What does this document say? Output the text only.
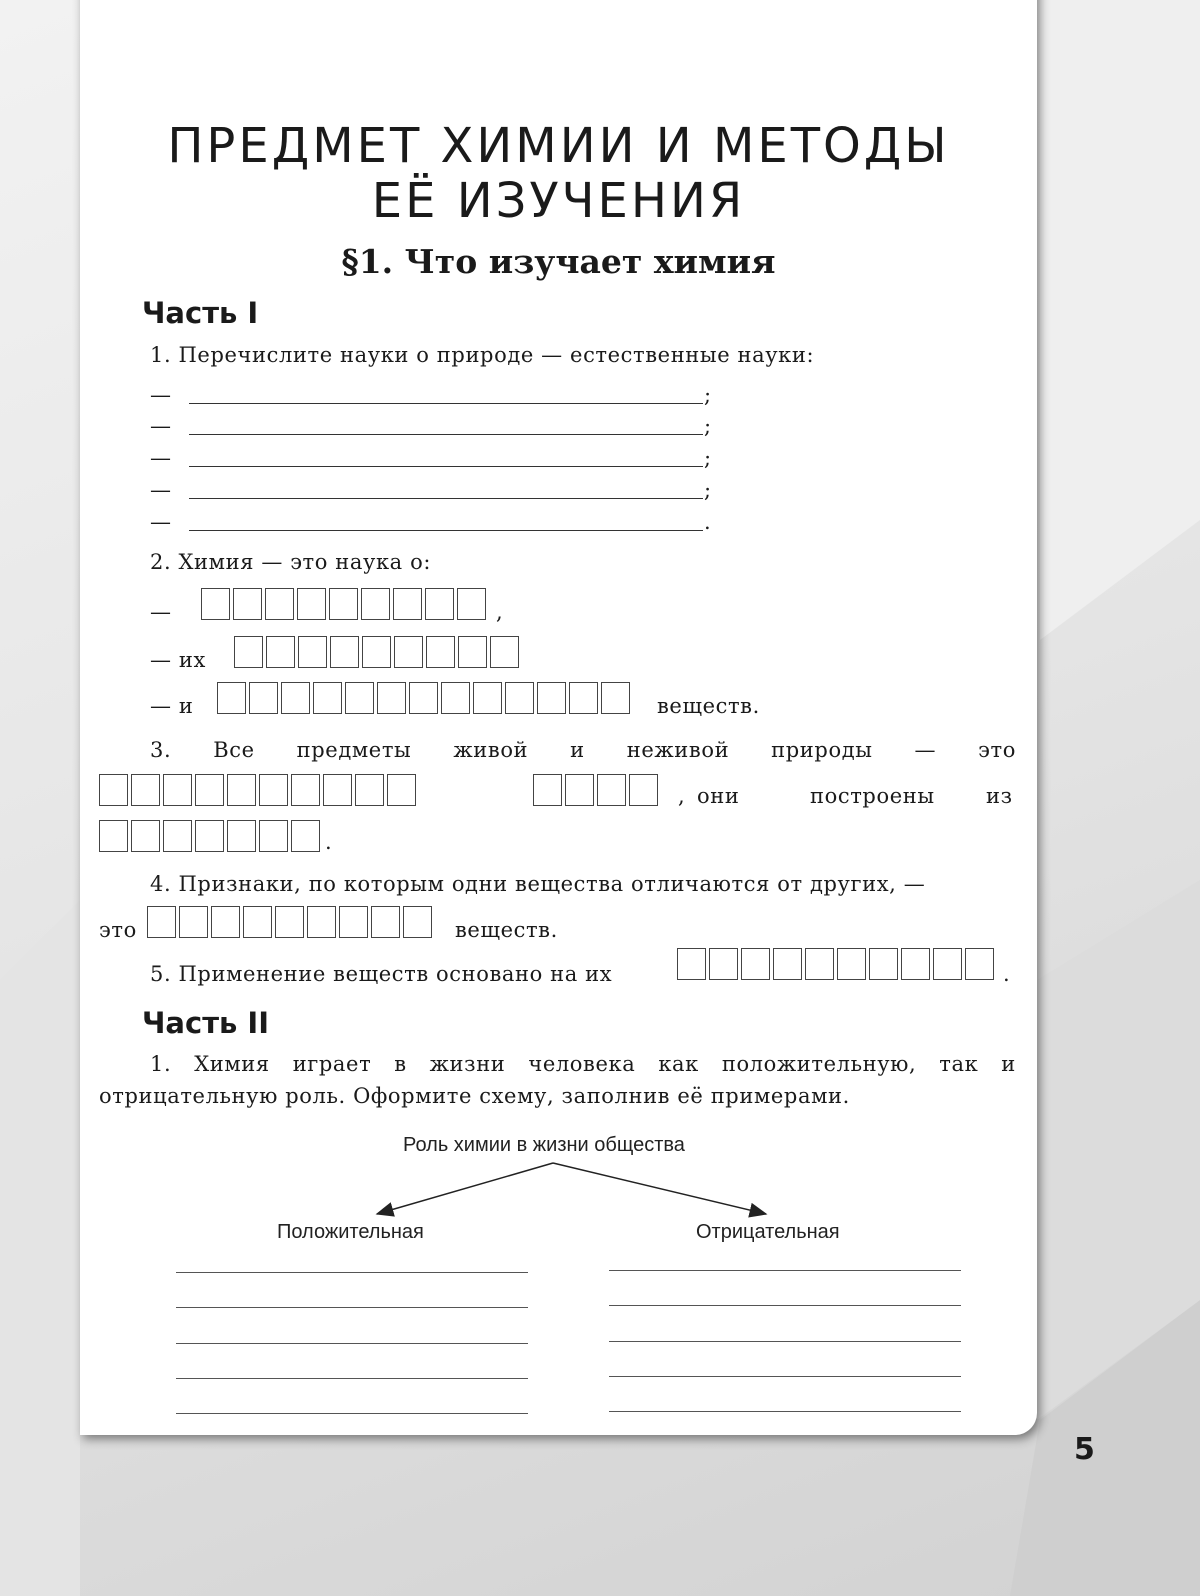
ПРЕДМЕТ ХИМИИ И МЕТОДЫ
ЕЁ ИЗУЧЕНИЯ
§1. Что изучает химия
Часть I
1. Перечислите науки о природе — естественные науки:
—	;
—	;
—	;
—	;
—	.
2. Химия — это наука о:
—	,
— их
— и	веществ.
3. Все предметы живой и неживой природы — это
, они	построены из
.
4. Признаки, по которым одни вещества отличаются от других, —
это	веществ.
5. Применение веществ основано на их	.
Часть II
1. Химия играет в жизни человека как положительную, так и
отрицательную роль. Оформите схему, заполнив её примерами.
Роль химии в жизни общества
Положительная	Отрицательная
5
